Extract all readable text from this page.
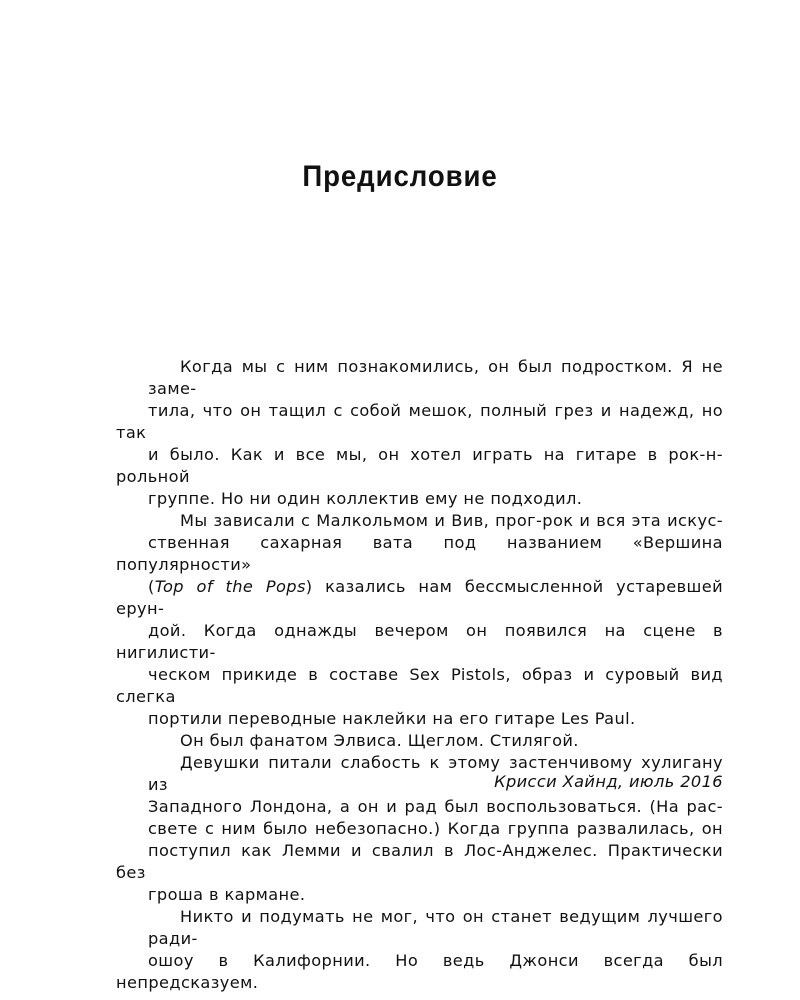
Предисловие

Когда мы с ним познакомились, он был подростком. Я не заме-
тила, что он тащил с собой мешок, полный грез и надежд, но так
и было. Как и все мы, он хотел играть на гитаре в рок-н-рольной
группе. Но ни один коллектив ему не подходил.

Мы зависали с Малкольмом и Вив, прог-рок и вся эта искус-
ственная сахарная вата под названием «Вершина популярности»
(Top of the Pops) казались нам бессмысленной устаревшей ерун-
дой. Когда однажды вечером он появился на сцене в нигилисти-
ческом прикиде в составе Sex Pistols, образ и суровый вид слегка
портили переводные наклейки на его гитаре Les Paul.

Он был фанатом Элвиса. Щеглом. Стилягой.

Девушки питали слабость к этому застенчивому хулигану из
Западного Лондона, а он и рад был воспользоваться. (На рас-
свете с ним было небезопасно.) Когда группа развалилась, он
поступил как Лемми и свалил в Лос-Анджелес. Практически без
гроша в кармане.

Никто и подумать не мог, что он станет ведущим лучшего ради-
ошоу в Калифорнии. Но ведь Джонси всегда был непредсказуем.

Крисси Хайнд, июль 2016
